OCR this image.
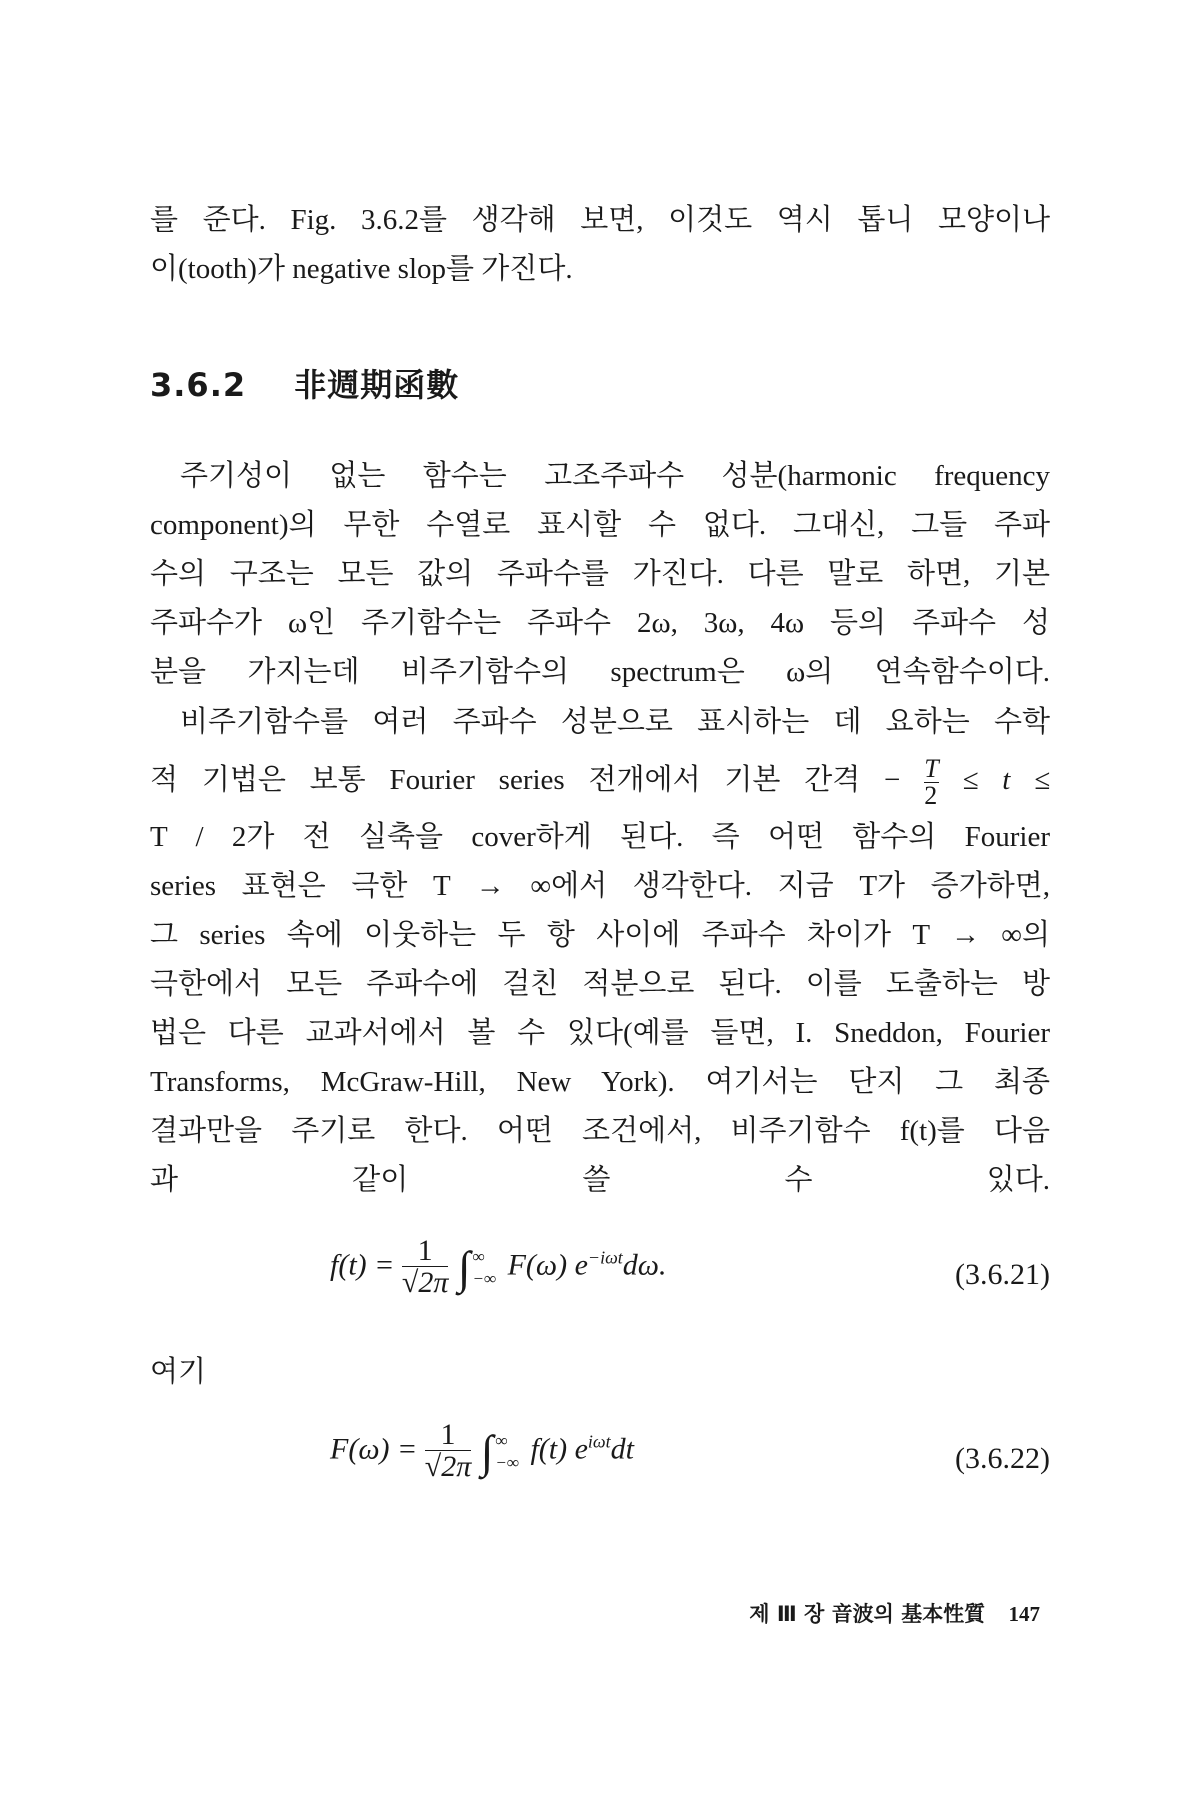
를 준다. Fig. 3.6.2를 생각해 보면, 이것도 역시 톱니 모양이나
이(tooth)가 negative slop를 가진다.
3.6.2 非週期函數
주기성이 없는 함수는 고조주파수 성분(harmonic frequency
component)의 무한 수열로 표시할 수 없다. 그대신, 그들 주파
수의 구조는 모든 값의 주파수를 가진다. 다른 말로 하면, 기본
주파수가 ω인 주기함수는 주파수 2ω, 3ω, 4ω 등의 주파수 성
분을 가지는데 비주기함수의 spectrum은 ω의 연속함수이다.
비주기함수를 여러 주파수 성분으로 표시하는 데 요하는 수학
적 기법은 보통 Fourier series 전개에서 기본 간격 − $\frac{T}{2} \le t$ ≤
T / 2가 전 실축을 cover하게 된다. 즉 어떤 함수의 Fourier
series 표현은 극한 T → ∞에서 생각한다. 지금 T가 증가하면,
그 series 속에 이웃하는 두 항 사이에 주파수 차이가 T → ∞의
극한에서 모든 주파수에 걸친 적분으로 된다. 이를 도출하는 방
법은 다른 교과서에서 볼 수 있다(예를 들면, I. Sneddon, Fourier
Transforms, McGraw-Hill, New York). 여기서는 단지 그 최종
결과만을 주기로 한다. 어떤 조건에서, 비주기함수 f(t)를 다음
과 같이 쓸 수 있다.
$f(t) = \frac{1}{√2\pi}$ ∫ ∞
−∞ F(ω) $e^{-i\omega t}d\omega$.	(3.6.21)
여기
$F(\omega) = \frac{1}{√2\pi}$ ∫ ∞
−∞ f(t) $e^{i\omega t}dt$	(3.6.22)
제 Ⅲ 장 音波의 基本性質 147
